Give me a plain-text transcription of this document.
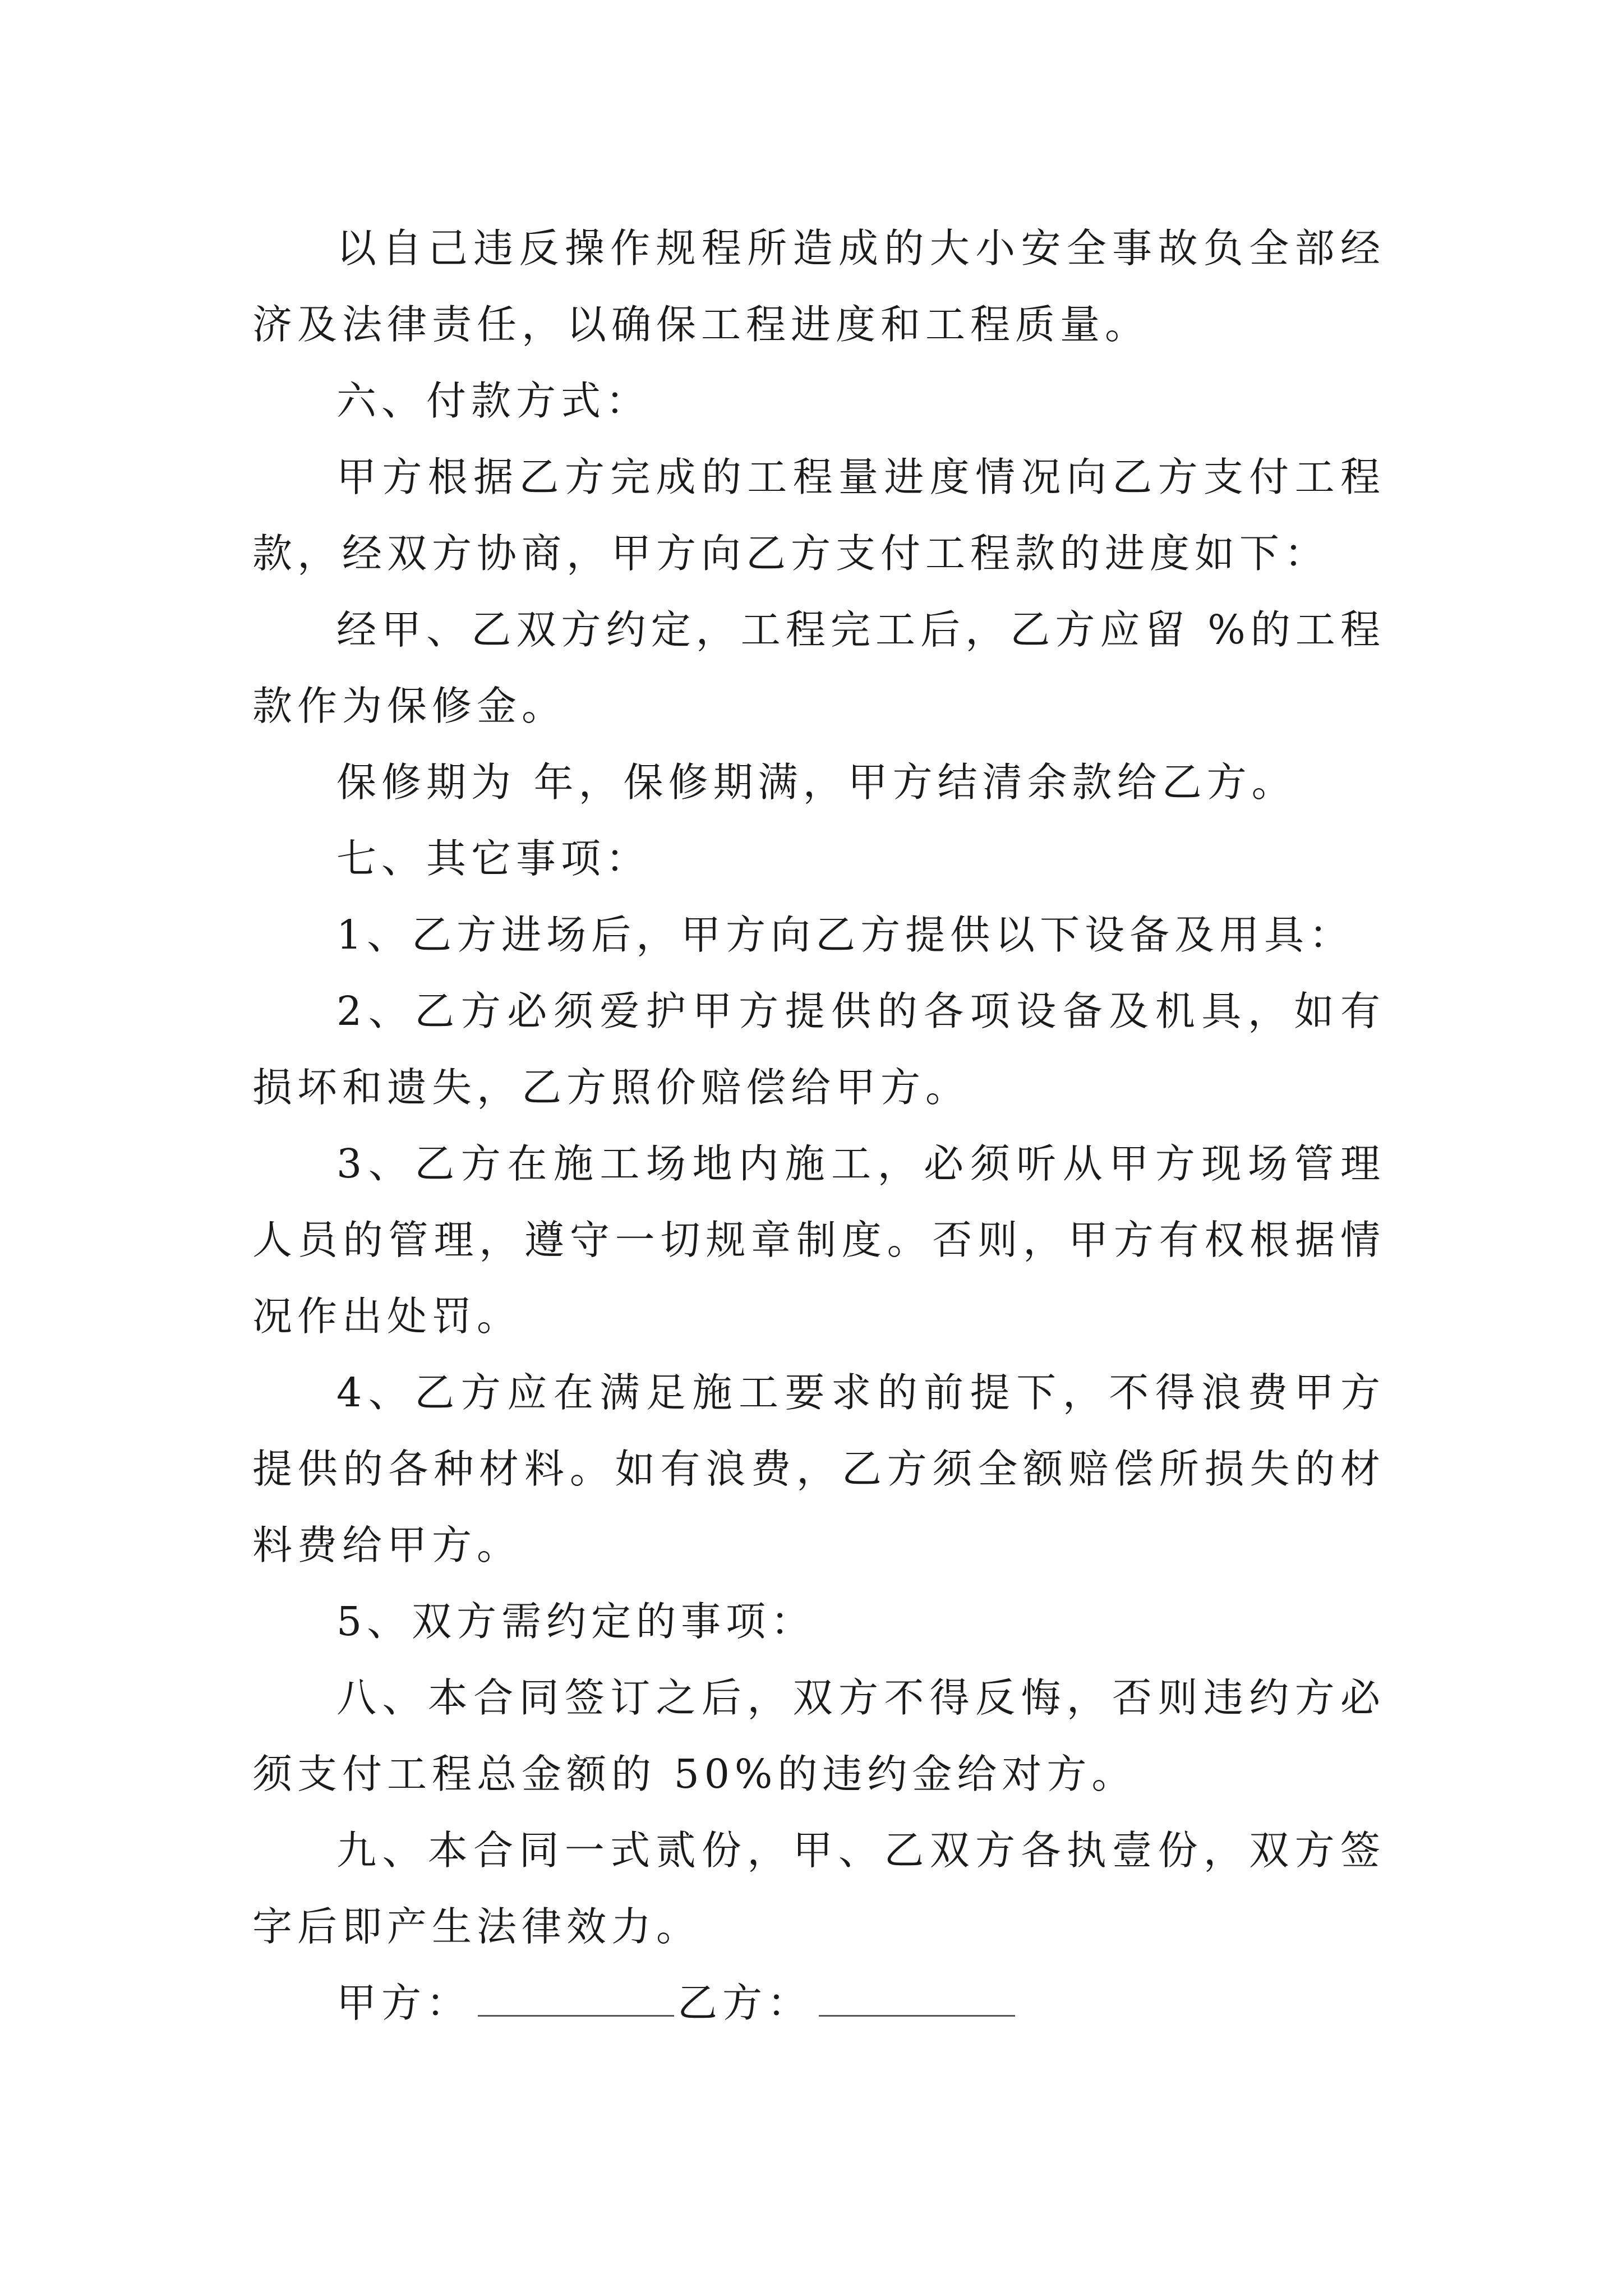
以自己违反操作规程所造成的大小安全事故负全部经济及法律责任，以确保工程进度和工程质量。

六、付款方式：

甲方根据乙方完成的工程量进度情况向乙方支付工程款，经双方协商，甲方向乙方支付工程款的进度如下：

经甲、乙双方约定，工程完工后，乙方应留 %的工程款作为保修金。

保修期为 年，保修期满，甲方结清余款给乙方。

七、其它事项：

1、乙方进场后，甲方向乙方提供以下设备及用具：

2、乙方必须爱护甲方提供的各项设备及机具，如有损坏和遗失，乙方照价赔偿给甲方。

3、乙方在施工场地内施工，必须听从甲方现场管理人员的管理，遵守一切规章制度。否则，甲方有权根据情况作出处罚。

4、乙方应在满足施工要求的前提下，不得浪费甲方提供的各种材料。如有浪费，乙方须全额赔偿所损失的材料费给甲方。

5、双方需约定的事项：

八、本合同签订之后，双方不得反悔，否则违约方必须支付工程总金额的 50%的违约金给对方。

九、本合同一式贰份，甲、乙双方各执壹份，双方签字后即产生法律效力。

甲方：	乙方：
